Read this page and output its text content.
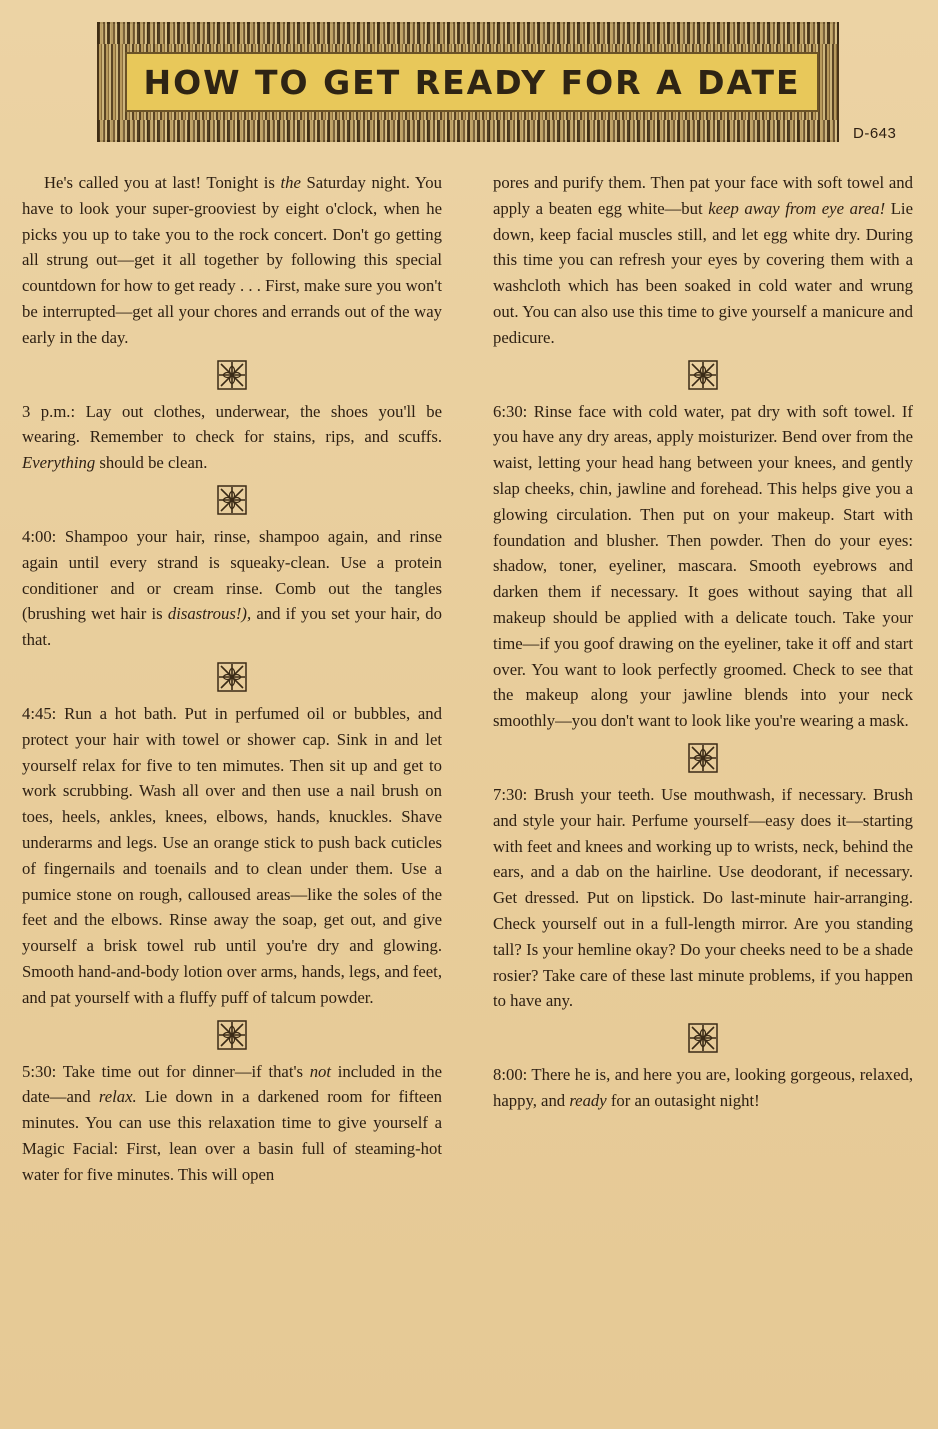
HOW TO GET READY FOR A DATE
D-643

He's called you at last! Tonight is the Saturday night. You have to look your super-grooviest by eight o'clock, when he picks you up to take you to the rock concert. Don't go getting all strung out—get it all together by following this special countdown for how to get ready . . . First, make sure you won't be interrupted—get all your chores and errands out of the way early in the day.

3 p.m.: Lay out clothes, underwear, the shoes you'll be wearing. Remember to check for stains, rips, and scuffs. Everything should be clean.

4:00: Shampoo your hair, rinse, shampoo again, and rinse again until every strand is squeaky-clean. Use a protein conditioner and or cream rinse. Comb out the tangles (brushing wet hair is disastrous!), and if you set your hair, do that.

4:45: Run a hot bath. Put in perfumed oil or bubbles, and protect your hair with towel or shower cap. Sink in and let yourself relax for five to ten mimutes. Then sit up and get to work scrubbing. Wash all over and then use a nail brush on toes, heels, ankles, knees, elbows, hands, knuckles. Shave underarms and legs. Use an orange stick to push back cuticles of fingernails and toenails and to clean under them. Use a pumice stone on rough, calloused areas—like the soles of the feet and the elbows. Rinse away the soap, get out, and give yourself a brisk towel rub until you're dry and glowing. Smooth hand-and-body lotion over arms, hands, legs, and feet, and pat yourself with a fluffy puff of talcum powder.

5:30: Take time out for dinner—if that's not included in the date—and relax. Lie down in a darkened room for fifteen minutes. You can use this relaxation time to give yourself a Magic Facial: First, lean over a basin full of steaming-hot water for five minutes. This will open

pores and purify them. Then pat your face with soft towel and apply a beaten egg white—but keep away from eye area! Lie down, keep facial muscles still, and let egg white dry. During this time you can refresh your eyes by covering them with a washcloth which has been soaked in cold water and wrung out. You can also use this time to give yourself a manicure and pedicure.

6:30: Rinse face with cold water, pat dry with soft towel. If you have any dry areas, apply moisturizer. Bend over from the waist, letting your head hang between your knees, and gently slap cheeks, chin, jawline and forehead. This helps give you a glowing circulation. Then put on your makeup. Start with foundation and blusher. Then powder. Then do your eyes: shadow, toner, eyeliner, mascara. Smooth eyebrows and darken them if necessary. It goes without saying that all makeup should be applied with a delicate touch. Take your time—if you goof drawing on the eyeliner, take it off and start over. You want to look perfectly groomed. Check to see that the makeup along your jawline blends into your neck smoothly—you don't want to look like you're wearing a mask.

7:30: Brush your teeth. Use mouthwash, if necessary. Brush and style your hair. Perfume yourself—easy does it—starting with feet and knees and working up to wrists, neck, behind the ears, and a dab on the hairline. Use deodorant, if necessary. Get dressed. Put on lipstick. Do last-minute hair-arranging. Check yourself out in a full-length mirror. Are you standing tall? Is your hemline okay? Do your cheeks need to be a shade rosier? Take care of these last minute problems, if you happen to have any.

8:00: There he is, and here you are, looking gorgeous, relaxed, happy, and ready for an outasight night!
